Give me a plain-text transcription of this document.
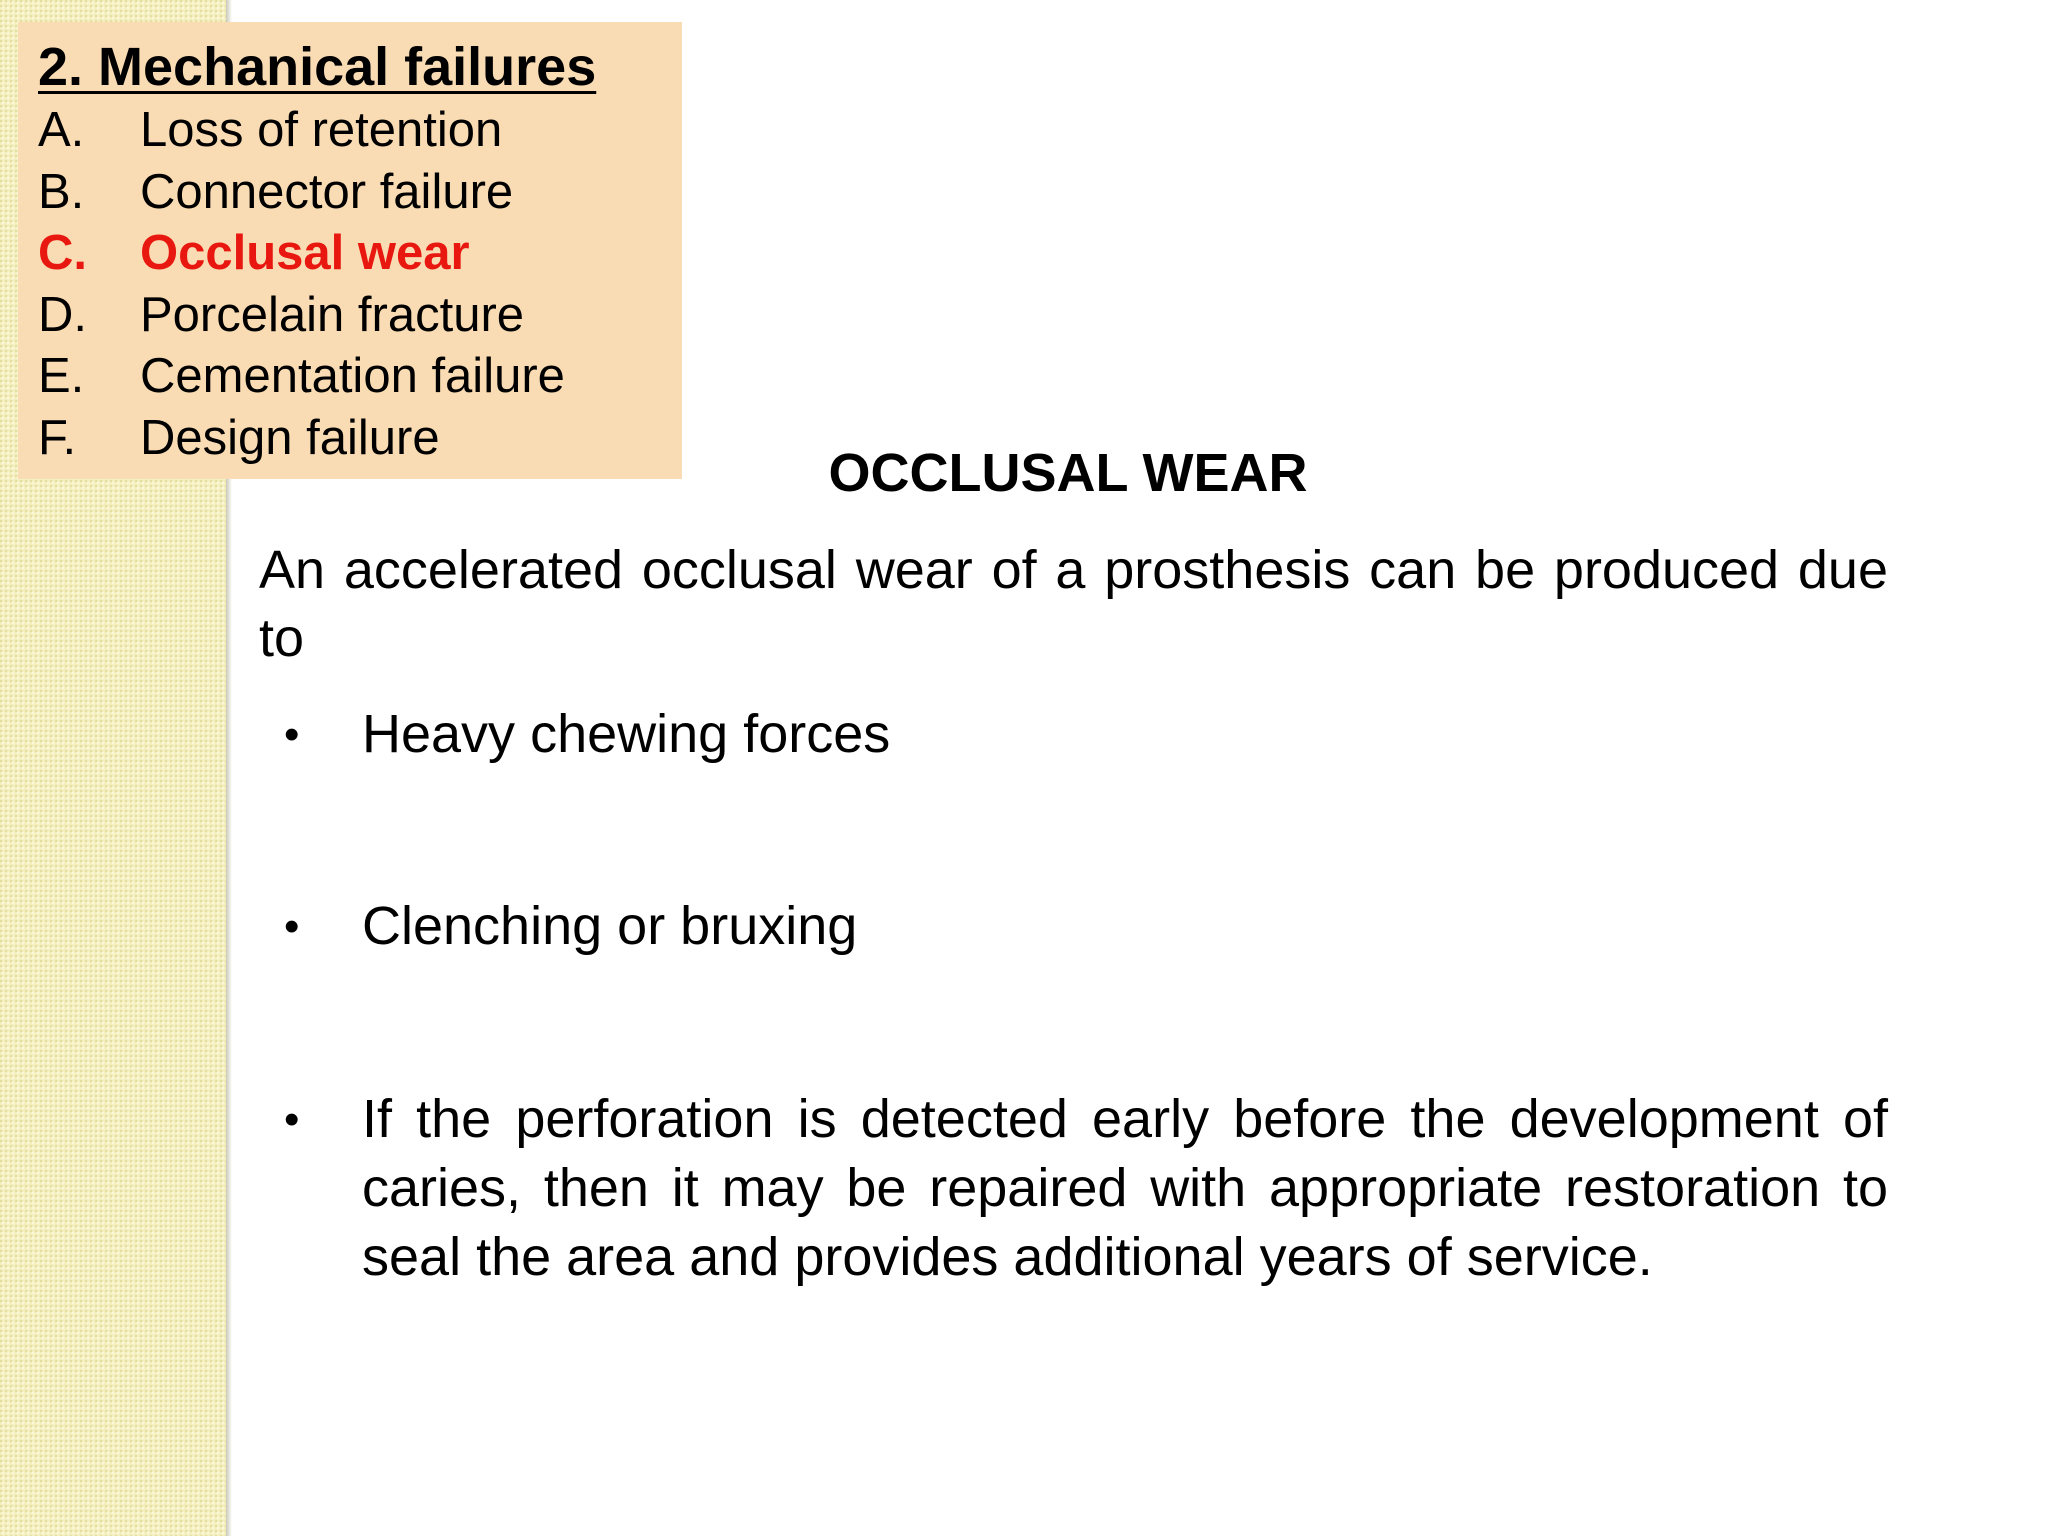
2. Mechanical failures

A. Loss of retention
B. Connector failure
C. Occlusal wear
D. Porcelain fracture
E. Cementation failure
F. Design failure
OCCLUSAL WEAR

An accelerated occlusal wear of a prosthesis can be produced due to

• Heavy chewing forces
• Clenching or bruxing
• If the perforation is detected early before the development of caries, then it may be repaired with appropriate restoration to seal the area and provides additional years of service.
